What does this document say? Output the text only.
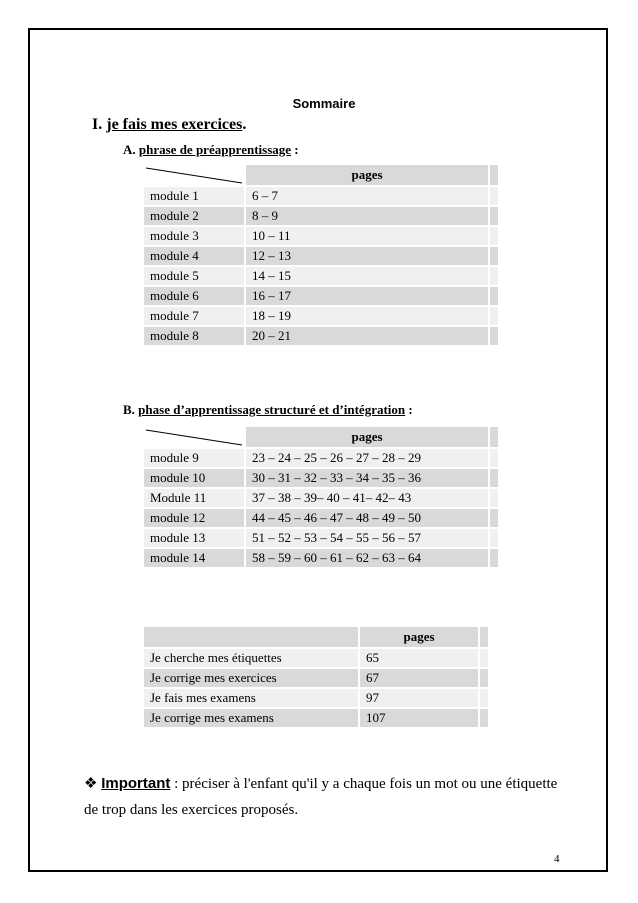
Sommaire
I. je fais mes exercices.
A. phrase de préapprentissage :
	pages	
module 1	6 – 7	
module 2	8 – 9	
module 3	10 – 11	
module 4	12 – 13	
module 5	14 – 15	
module 6	16 – 17	
module 7	18 – 19	
module 8	20 – 21	
B. phase d’apprentissage structuré et d’intégration :
	pages	
module 9	23 – 24 – 25 – 26 – 27 – 28 – 29	
module 10	30 – 31 – 32 – 33 – 34 – 35 – 36	
Module 11	37 – 38 – 39– 40 – 41– 42– 43	
module 12	44 – 45 – 46 – 47 – 48 – 49 – 50	
module 13	51 – 52 – 53 – 54 – 55 – 56 – 57	
module 14	58 – 59 – 60 – 61 – 62 – 63 – 64	
	pages	
Je cherche mes étiquettes	65	
Je corrige mes exercices	67	
Je fais mes examens	97	
Je corrige mes examens	107	
❖ Important : préciser à l'enfant qu'il y a chaque fois un mot ou une étiquette de trop dans les exercices proposés.
4
